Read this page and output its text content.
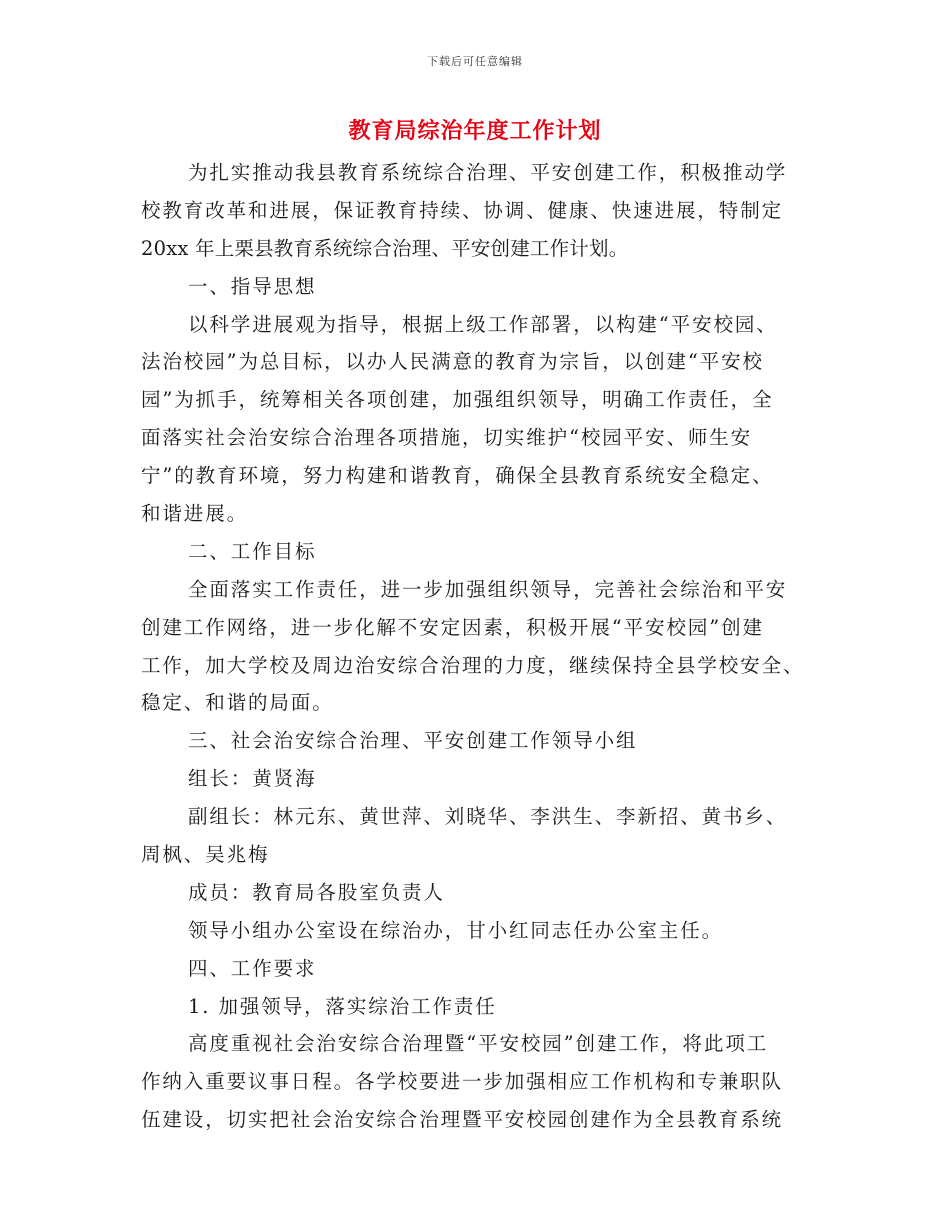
下载后可任意编辑
教育局综治年度工作计划
为扎实推动我县教育系统综合治理、平安创建工作，积极推动学
校教育改革和进展，保证教育持续、协调、健康、快速进展，特制定
20xx 年上栗县教育系统综合治理、平安创建工作计划。
一、指导思想
以科学进展观为指导，根据上级工作部署，以构建“平安校园、
法治校园”为总目标，以办人民满意的教育为宗旨，以创建“平安校
园”为抓手，统筹相关各项创建，加强组织领导，明确工作责任，全
面落实社会治安综合治理各项措施，切实维护“校园平安、师生安
宁”的教育环境，努力构建和谐教育，确保全县教育系统安全稳定、
和谐进展。
二、工作目标
全面落实工作责任，进一步加强组织领导，完善社会综治和平安
创建工作网络，进一步化解不安定因素，积极开展“平安校园”创建
工作，加大学校及周边治安综合治理的力度，继续保持全县学校安全、
稳定、和谐的局面。
三、社会治安综合治理、平安创建工作领导小组
组长：黄贤海
副组长：林元东、黄世萍、刘晓华、李洪生、李新招、黄书乡、
周枫、吴兆梅
成员：教育局各股室负责人
领导小组办公室设在综治办，甘小红同志任办公室主任。
四、工作要求
1. 加强领导，落实综治工作责任
高度重视社会治安综合治理暨“平安校园”创建工作，将此项工
作纳入重要议事日程。各学校要进一步加强相应工作机构和专兼职队
伍建设，切实把社会治安综合治理暨平安校园创建作为全县教育系统
